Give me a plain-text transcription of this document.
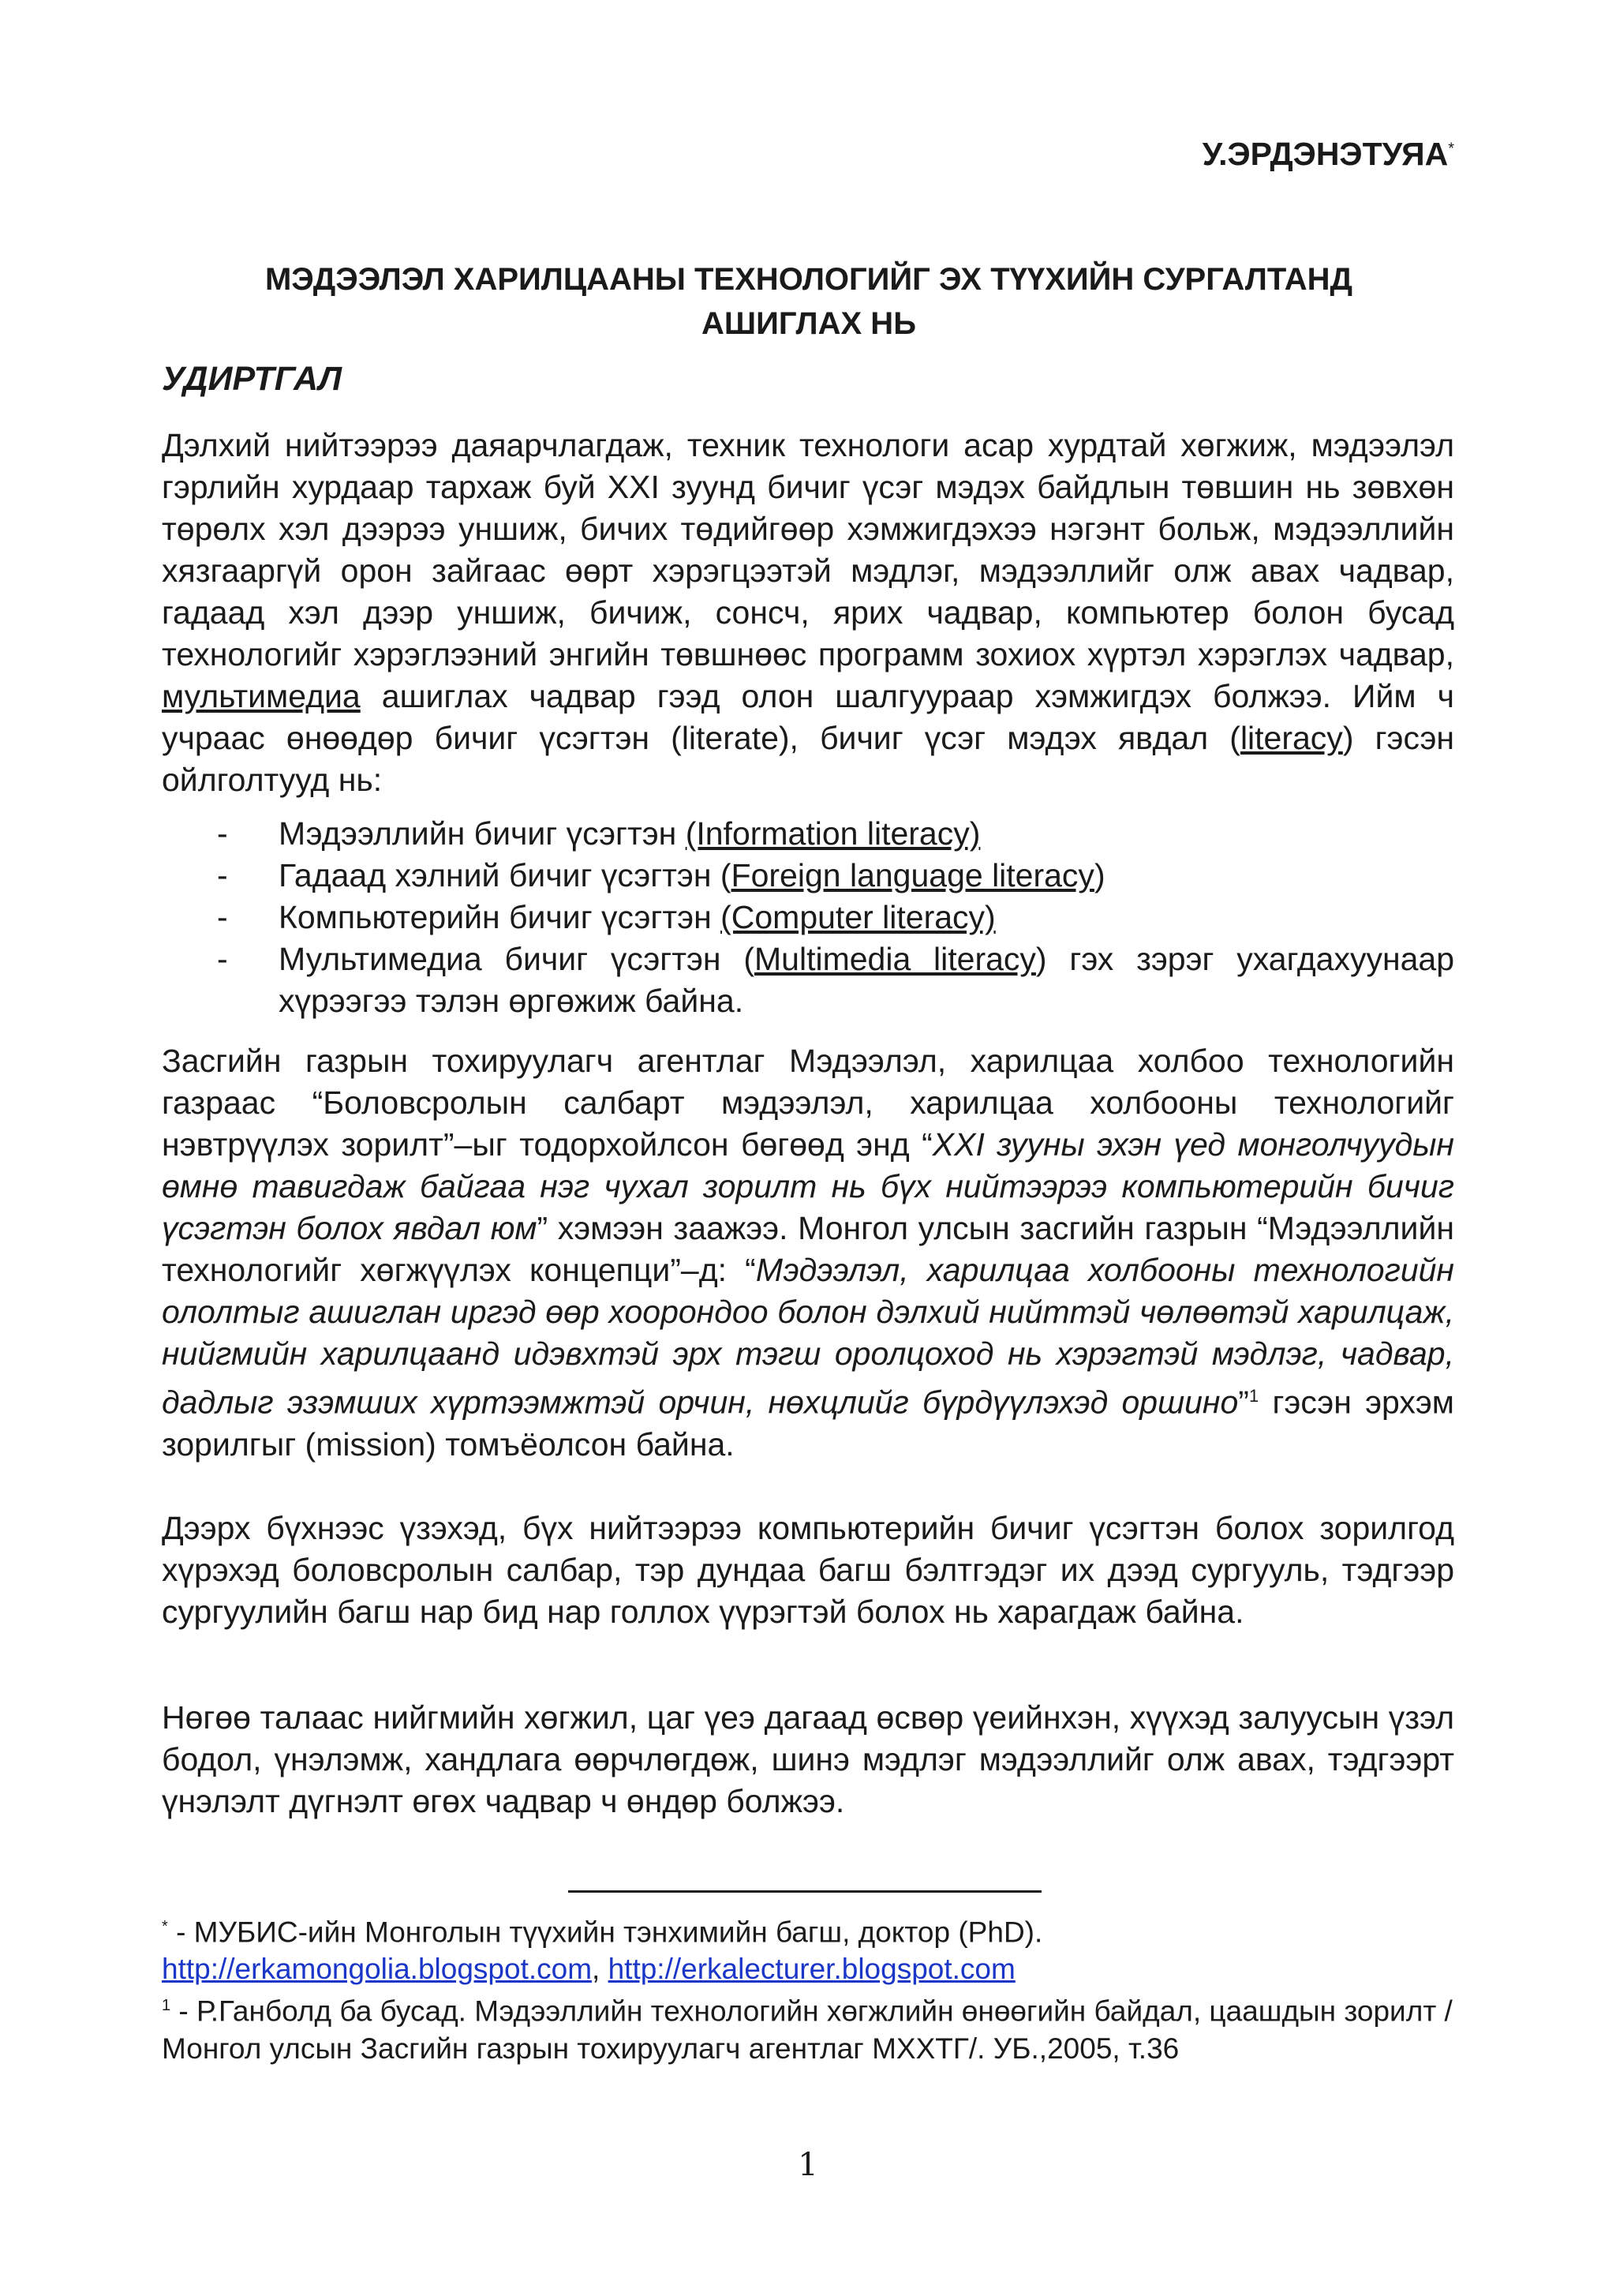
У.ЭРДЭНЭТУЯА*
МЭДЭЭЛЭЛ ХАРИЛЦААНЫ ТЕХНОЛОГИЙГ ЭХ ТҮҮХИЙН СУРГАЛТАНД
АШИГЛАХ НЬ
УДИРТГАЛ

Дэлхий нийтээрээ даяарчлагдаж, техник технологи асар хурдтай хөгжиж, мэдээлэл гэрлийн хурдаар тархаж буй XXI зуунд бичиг үсэг мэдэх байдлын төвшин нь зөвхөн төрөлх хэл дээрээ уншиж, бичих төдийгөөр хэмжигдэхээ нэгэнт больж, мэдээллийн хязгааргүй орон зайгаас өөрт хэрэгцээтэй мэдлэг, мэдээллийг олж авах чадвар, гадаад хэл дээр уншиж, бичиж, сонсч, ярих чадвар, компьютер болон бусад технологийг хэрэглээний энгийн төвшнөөс программ зохиох хүртэл хэрэглэх чадвар, мультимедиа ашиглах чадвар гээд олон шалгуураар хэмжигдэх болжээ. Ийм ч учраас өнөөдөр бичиг үсэгтэн (literate), бичиг үсэг мэдэх явдал (literacy) гэсэн ойлголтууд нь:

- Мэдээллийн бичиг үсэгтэн (Information literacy)
- Гадаад хэлний бичиг үсэгтэн (Foreign language literacy)
- Компьютерийн бичиг үсэгтэн (Computer literacy)
- Мультимедиа бичиг үсэгтэн (Multimedia literacy) гэх зэрэг ухагдахуунаар хүрээгээ тэлэн өргөжиж байна.

Засгийн газрын тохируулагч агентлаг Мэдээлэл, харилцаа холбоо технологийн газраас “Боловсролын салбарт мэдээлэл, харилцаа холбооны технологийг нэвтрүүлэх зорилт”–ыг тодорхойлсон бөгөөд энд “XXI зууны эхэн үед монголчуудын өмнө тавигдаж байгаа нэг чухал зорилт нь бүх нийтээрээ компьютерийн бичиг үсэгтэн болох явдал юм” хэмээн заажээ. Монгол улсын засгийн газрын “Мэдээллийн технологийг хөгжүүлэх концепци”–д: “Мэдээлэл, харилцаа холбооны технологийн ололтыг ашиглан иргэд өөр хоорондоо болон дэлхий нийттэй чөлөөтэй харилцаж, нийгмийн харилцаанд идэвхтэй эрх тэгш оролцоход нь хэрэгтэй мэдлэг, чадвар, дадлыг эзэмших хүртээмжтэй орчин, нөхцлийг бүрдүүлэхэд оршино”$^1$ гэсэн эрхэм зорилгыг (mission) томъёолсон байна.

Дээрх бүхнээс үзэхэд, бүх нийтээрээ компьютерийн бичиг үсэгтэн болох зорилгод хүрэхэд боловсролын салбар, тэр дундаа багш бэлтгэдэг их дээд сургууль, тэдгээр сургуулийн багш нар бид нар голлох үүрэгтэй болох нь харагдаж байна.

Нөгөө талаас нийгмийн хөгжил, цаг үеэ дагаад өсвөр үеийнхэн, хүүхэд залуусын үзэл бодол, үнэлэмж, хандлага өөрчлөгдөж, шинэ мэдлэг мэдээллийг олж авах, тэдгээрт үнэлэлт дүгнэлт өгөх чадвар ч өндөр болжээ.

* - МУБИС-ийн Монголын түүхийн тэнхимийн багш, доктор (PhD).
http://erkamongolia.blogspot.com, http://erkalecturer.blogspot.com
$^1$ - Р.Ганболд ба бусад. Мэдээллийн технологийн хөгжлийн өнөөгийн байдал, цаашдын зорилт /Монгол улсын Засгийн газрын тохируулагч агентлаг МХХТГ/. УБ.,2005, т.36
1
